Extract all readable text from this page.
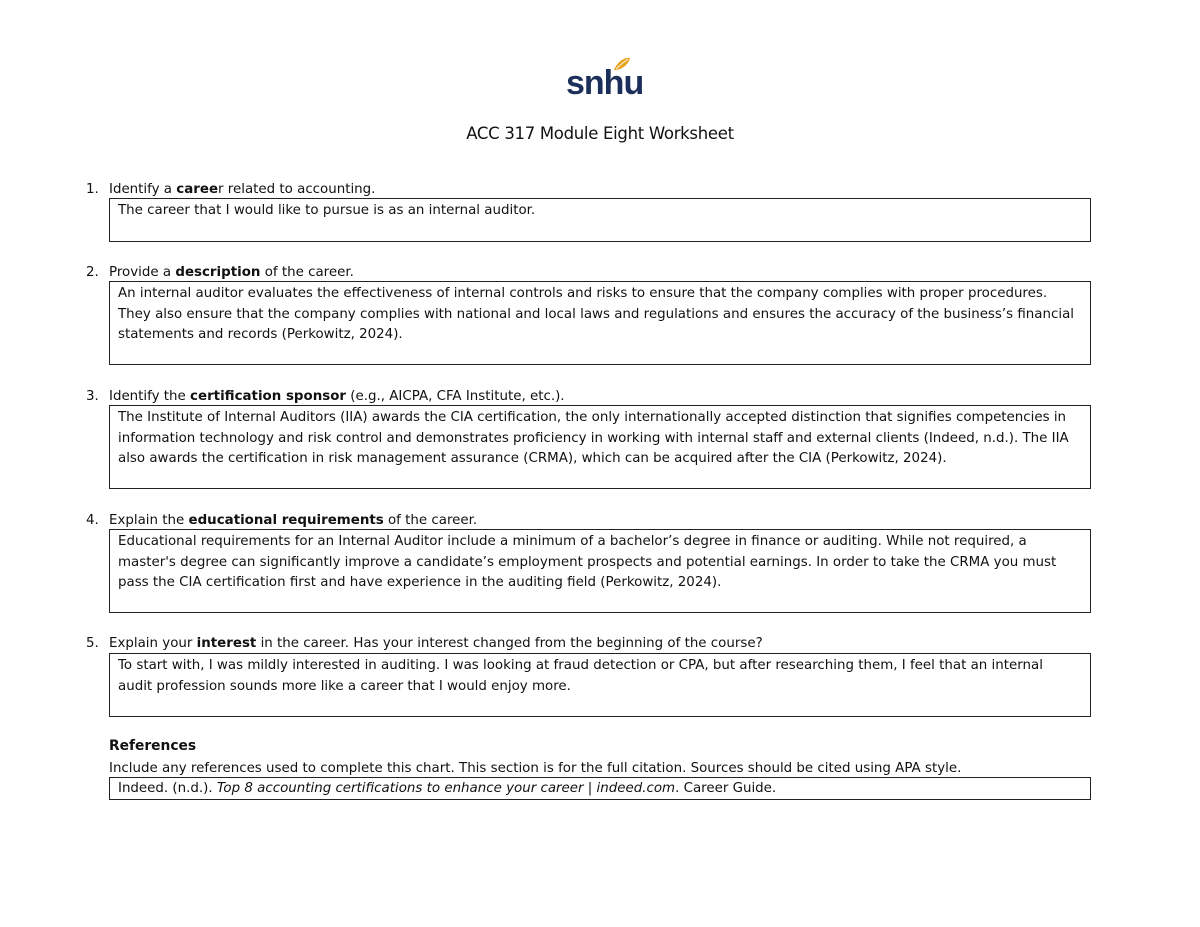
snhu
ACC 317 Module Eight Worksheet
1. Identify a career related to accounting.

The career that I would like to pursue is as an internal auditor.

2. Provide a description of the career.

An internal auditor evaluates the effectiveness of internal controls and risks to ensure that the company complies with proper procedures.

They also ensure that the company complies with national and local laws and regulations and ensures the accuracy of the business’s financial

statements and records (Perkowitz, 2024).

3. Identify the certification sponsor (e.g., AICPA, CFA Institute, etc.).

The Institute of Internal Auditors (IIA) awards the CIA certification, the only internationally accepted distinction that signifies competencies in

information technology and risk control and demonstrates proficiency in working with internal staff and external clients (Indeed, n.d.). The IIA

also awards the certification in risk management assurance (CRMA), which can be acquired after the CIA (Perkowitz, 2024).

4. Explain the educational requirements of the career.

Educational requirements for an Internal Auditor include a minimum of a bachelor’s degree in finance or auditing. While not required, a

master's degree can significantly improve a candidate’s employment prospects and potential earnings. In order to take the CRMA you must

pass the CIA certification first and have experience in the auditing field (Perkowitz, 2024).

5. Explain your interest in the career. Has your interest changed from the beginning of the course?

To start with, I was mildly interested in auditing. I was looking at fraud detection or CPA, but after researching them, I feel that an internal

audit profession sounds more like a career that I would enjoy more.

References
Include any references used to complete this chart. This section is for the full citation. Sources should be cited using APA style.
Indeed. (n.d.). Top 8 accounting certifications to enhance your career | indeed.com. Career Guide.
